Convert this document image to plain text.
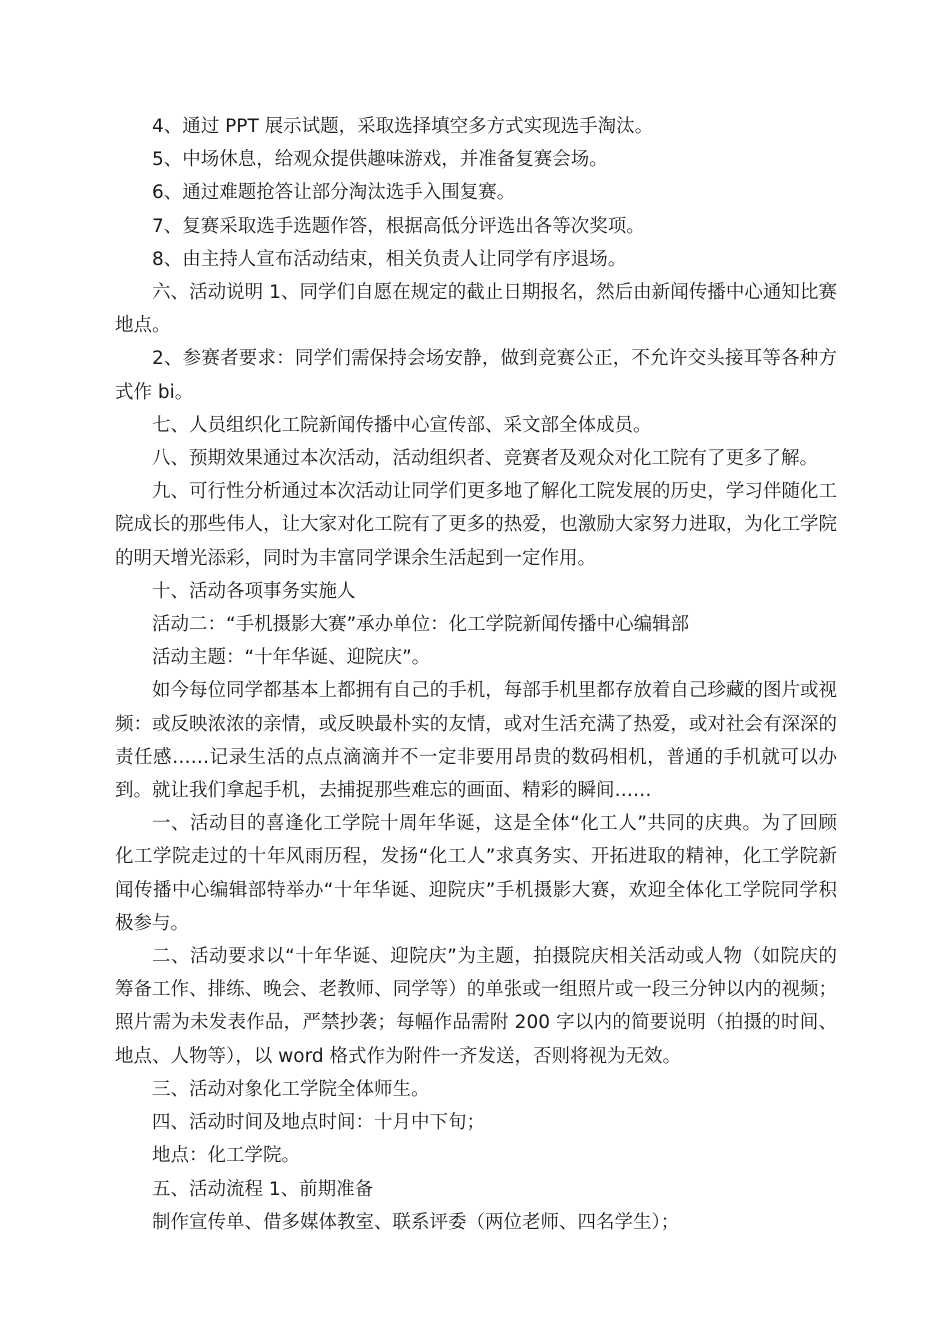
4、通过 PPT 展示试题，采取选择填空多方式实现选手淘汰。

5、中场休息，给观众提供趣味游戏，并准备复赛会场。

6、通过难题抢答让部分淘汰选手入围复赛。

7、复赛采取选手选题作答，根据高低分评选出各等次奖项。

8、由主持人宣布活动结束，相关负责人让同学有序退场。

六、活动说明 1、同学们自愿在规定的截止日期报名，然后由新闻传播中心通知比赛地点。

2、参赛者要求：同学们需保持会场安静，做到竞赛公正，不允许交头接耳等各种方式作 bi。

七、人员组织化工院新闻传播中心宣传部、采文部全体成员。

八、预期效果通过本次活动，活动组织者、竞赛者及观众对化工院有了更多了解。

九、可行性分析通过本次活动让同学们更多地了解化工院发展的历史，学习伴随化工院成长的那些伟人，让大家对化工院有了更多的热爱，也激励大家努力进取，为化工学院的明天增光添彩，同时为丰富同学课余生活起到一定作用。

十、活动各项事务实施人

活动二：“手机摄影大赛”承办单位：化工学院新闻传播中心编辑部

活动主题：“十年华诞、迎院庆”。

如今每位同学都基本上都拥有自己的手机，每部手机里都存放着自己珍藏的图片或视频：或反映浓浓的亲情，或反映最朴实的友情，或对生活充满了热爱，或对社会有深深的责任感……记录生活的点点滴滴并不一定非要用昂贵的数码相机，普通的手机就可以办到。就让我们拿起手机，去捕捉那些难忘的画面、精彩的瞬间……

一、活动目的喜逢化工学院十周年华诞，这是全体“化工人”共同的庆典。为了回顾化工学院走过的十年风雨历程，发扬“化工人”求真务实、开拓进取的精神，化工学院新闻传播中心编辑部特举办“十年华诞、迎院庆”手机摄影大赛，欢迎全体化工学院同学积极参与。

二、活动要求以“十年华诞、迎院庆”为主题，拍摄院庆相关活动或人物（如院庆的筹备工作、排练、晚会、老教师、同学等）的单张或一组照片或一段三分钟以内的视频；照片需为未发表作品，严禁抄袭；每幅作品需附 200 字以内的简要说明（拍摄的时间、地点、人物等），以 word 格式作为附件一齐发送，否则将视为无效。

三、活动对象化工学院全体师生。

四、活动时间及地点时间：十月中下旬；

地点：化工学院。

五、活动流程 1、前期准备

制作宣传单、借多媒体教室、联系评委（两位老师、四名学生）；
